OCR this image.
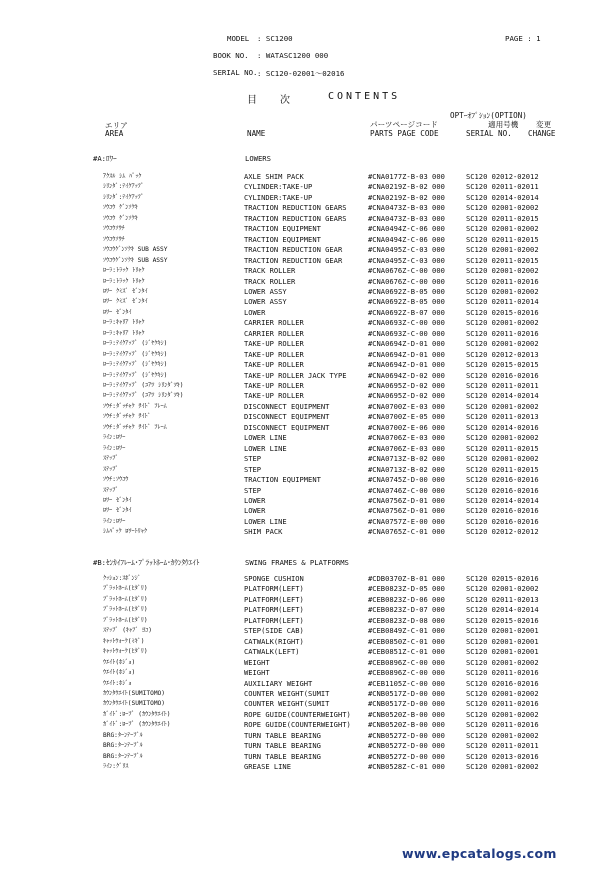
MODEL : SC1200	PAGE : 1
BOOK NO. : WATASC1200 000
SERIAL NO. : SC120-02001～02016
目 次	CONTENTS
OPTｰｵﾌﾟｼｮﾝ(OPTION)
エリア	パーツページコード	適用号機 変更
AREA	NAME	PARTS PAGE CODE	SERIAL NO. CHANGE
#A:ﾛﾜｰ	LOWERS
ｱｸｽﾙ ｼﾑ ﾊﾟｯｸ	AXLE SHIM PACK	#CNA0177Z-B-03 000	SC120 02012-02012
ｼﾘﾝﾀﾞ:ﾃｲｸｱｯﾌﾟ	CYLINDER:TAKE-UP	#CNA0219Z-B-02 000	SC120 02011-02011
ｼﾘﾝﾀﾞ:ﾃｲｸｱｯﾌﾟ	CYLINDER:TAKE-UP	#CNA0219Z-B-02 000	SC120 02014-02014
ｿｳｺｳ ｹﾞﾝｿｸｷ	TRACTION REDUCTION GEARS	#CNA0473Z-B-03 000	SC120 02001-02002
ｿｳｺｳ ｹﾞﾝｿｸｷ	TRACTION REDUCTION GEARS	#CNA0473Z-B-03 000	SC120 02011-02015
ｿｳｺｳｿｳﾁ	TRACTION EQUIPMENT	#CNA0494Z-C-06 000	SC120 02001-02002
ｿｳｺｳｿｳﾁ	TRACTION EQUIPMENT	#CNA0494Z-C-06 000	SC120 02011-02015
ｿｳｺｳｹﾞﾝｿｸｷ SUB ASSY	TRACTION REDUCTION GEAR	#CNA0495Z-C-03 000	SC120 02001-02002
ｿｳｺｳｹﾞﾝｿｸｷ SUB ASSY	TRACTION REDUCTION GEAR	#CNA0495Z-C-03 000	SC120 02011-02015
ﾛｰﾗ:ﾄﾗｯｸ ﾄﾘｬｸ	TRACK ROLLER	#CNA0676Z-C-00 000	SC120 02001-02002
ﾛｰﾗ:ﾄﾗｯｸ ﾄﾘｬｸ	TRACK ROLLER	#CNA0676Z-C-00 000	SC120 02011-02016
ﾛﾜｰ ｸﾐｽﾞ ｾﾞﾝﾀｲ	LOWER ASSY	#CNA0692Z-B-05 000	SC120 02001-02002
ﾛﾜｰ ｸﾐｽﾞ ｾﾞﾝﾀｲ	LOWER ASSY	#CNA0692Z-B-05 000	SC120 02011-02014
ﾛﾜｰ ｾﾞﾝﾀｲ	LOWER	#CNA0692Z-B-07 000	SC120 02015-02016
ﾛｰﾗ:ｷｬﾘｱ ﾄﾘｬｸ	CARRIER ROLLER	#CNA0693Z-C-00 000	SC120 02001-02002
ﾛｰﾗ:ｷｬﾘｱ ﾄﾘｬｸ	CARRIER ROLLER	#CNA0693Z-C-00 000	SC120 02011-02016
ﾛｰﾗ:ﾃｲｸｱｯﾌﾟ (ｼﾞﾔｸｷｼ)	TAKE-UP ROLLER	#CNA0694Z-D-01 000	SC120 02001-02002
ﾛｰﾗ:ﾃｲｸｱｯﾌﾟ (ｼﾞﾔｸｷｼ)	TAKE-UP ROLLER	#CNA0694Z-D-01 000	SC120 02012-02013
ﾛｰﾗ:ﾃｲｸｱｯﾌﾟ (ｼﾞﾔｸｷｼ)	TAKE-UP ROLLER	#CNA0694Z-D-01 000	SC120 02015-02015
ﾛｰﾗ:ﾃｲｸｱｯﾌﾟ (ｼﾞﾔｸｷｼ)	TAKE-UP ROLLER JACK TYPE	#CNA0694Z-D-02 000	SC120 02016-02016
ﾛｰﾗ:ﾃｲｸｱｯﾌﾟ (ﾕｱﾂ ｼﾘﾝﾀﾞﾂｷ)	TAKE-UP ROLLER	#CNA0695Z-D-02 000	SC120 02011-02011
ﾛｰﾗ:ﾃｲｸｱｯﾌﾟ (ﾕｱﾂ ｼﾘﾝﾀﾞﾂｷ)	TAKE-UP ROLLER	#CNA0695Z-D-02 000	SC120 02014-02014
ｿｳﾁ:ﾀﾞｯﾁｬｸ ｻｲﾄﾞ ﾌﾚｰﾑ	DISCONNECT EQUIPMENT	#CNA0700Z-E-03 000	SC120 02001-02002
ｿｳﾁ:ﾀﾞｯﾁｬｸ ｻｲﾄﾞ	DISCONNECT EQUIPMENT	#CNA0700Z-E-05 000	SC120 02011-02013
ｿｳﾁ:ﾀﾞｯﾁｬｸ ｻｲﾄﾞ ﾌﾚｰﾑ	DISCONNECT EQUIPMENT	#CNA0700Z-E-06 000	SC120 02014-02016
ﾗｲﾝ:ﾛﾜｰ	LOWER LINE	#CNA0706Z-E-03 000	SC120 02001-02002
ﾗｲﾝ:ﾛﾜｰ	LOWER LINE	#CNA0706Z-E-03 000	SC120 02011-02015
ｽﾃｯﾌﾟ	STEP	#CNA0713Z-B-02 000	SC120 02001-02002
ｽﾃｯﾌﾟ	STEP	#CNA0713Z-B-02 000	SC120 02011-02015
ｿｳﾁ:ｿｳｺｳ	TRACTION EQUIPMENT	#CNA0745Z-D-00 000	SC120 02016-02016
ｽﾃｯﾌﾟ	STEP	#CNA0746Z-C-00 000	SC120 02016-02016
ﾛﾜｰ ｾﾞﾝﾀｲ	LOWER	#CNA0756Z-D-01 000	SC120 02014-02014
ﾛﾜｰ ｾﾞﾝﾀｲ	LOWER	#CNA0756Z-D-01 000	SC120 02016-02016
ﾗｲﾝ:ﾛﾜｰ	LOWER LINE	#CNA0757Z-E-00 000	SC120 02016-02016
ｼﾑﾊﾟｯｸ ﾛﾜｰﾄﾘｬｸ	SHIM PACK	#CNA0765Z-C-01 000	SC120 02012-02012
#B:ｾﾝｶｲﾌﾚｰﾑ･ﾌﾟﾗｯﾄﾎｰﾑ･ｶｳﾝﾀｳｴｲﾄ	SWING FRAMES & PLATFORMS
ｸｯｼｮﾝ:ｽﾎﾟﾝｼﾞ	SPONGE CUSHION	#CDB0370Z-B-01 000	SC120 02015-02016
ﾌﾟﾗｯﾄﾎｰﾑ(ﾋﾀﾞﾘ)	PLATFORM(LEFT)	#CEB0823Z-D-05 000	SC120 02001-02002
ﾌﾟﾗｯﾄﾎｰﾑ(ﾋﾀﾞﾘ)	PLATFORM(LEFT)	#CEB0823Z-D-06 000	SC120 02011-02013
ﾌﾟﾗｯﾄﾎｰﾑ(ﾋﾀﾞﾘ)	PLATFORM(LEFT)	#CEB0823Z-D-07 000	SC120 02014-02014
ﾌﾟﾗｯﾄﾎｰﾑ(ﾋﾀﾞﾘ)	PLATFORM(LEFT)	#CEB0823Z-D-08 000	SC120 02015-02016
ｽﾃｯﾌﾟ (ｷｬﾌﾞ ﾖｺ)	STEP(SIDE CAB)	#CEB0849Z-C-01 000	SC120 02001-02001
ｷｬｯﾄｳｫｰｸ(ﾐｷﾞ)	CATWALK(RIGHT)	#CEB0850Z-C-01 000	SC120 02001-02001
ｷｬｯﾄｳｫｰｸ(ﾋﾀﾞﾘ)	CATWALK(LEFT)	#CEB0851Z-C-01 000	SC120 02001-02001
ｳｴｲﾄ(ﾎｼﾞｮ)	WEIGHT	#CEB0896Z-C-00 000	SC120 02001-02002
ｳｴｲﾄ(ﾎｼﾞｮ)	WEIGHT	#CEB0896Z-C-00 000	SC120 02011-02016
ｳｴｲﾄ:ﾎｼﾞｮ	AUXILIARY WEIGHT	#CEB1105Z-C-00 000	SC120 02016-02016
ｶｳﾝﾀｳｴｲﾄ(SUMITOMO)	COUNTER WEIGHT(SUMIT	#CNB0517Z-D-00 000	SC120 02001-02002
ｶｳﾝﾀｳｴｲﾄ(SUMITOMO)	COUNTER WEIGHT(SUMIT	#CNB0517Z-D-00 000	SC120 02011-02016
ｶﾞｲﾄﾞ:ﾛｰﾌﾟ (ｶｳﾝﾀｳｴｲﾄ)	ROPE GUIDE(COUNTERWEIGHT) #CNB0520Z-B-00 000	SC120 02001-02002
ｶﾞｲﾄﾞ:ﾛｰﾌﾟ (ｶｳﾝﾀｳｴｲﾄ)	ROPE GUIDE(COUNTERWEIGHT) #CNB0520Z-B-00 000	SC120 02011-02016
BRG:ﾀｰﾝﾃｰﾌﾞﾙ	TURN TABLE BEARING	#CNB0527Z-D-00 000	SC120 02001-02002
BRG:ﾀｰﾝﾃｰﾌﾞﾙ	TURN TABLE BEARING	#CNB0527Z-D-00 000	SC120 02011-02011
BRG:ﾀｰﾝﾃｰﾌﾞﾙ	TURN TABLE BEARING	#CNB0527Z-D-00 000	SC120 02013-02016
ﾗｲﾝ:ｸﾞﾘｽ	GREASE LINE	#CNB0528Z-C-01 000	SC120 02001-02002
www.epcatalogs.com
